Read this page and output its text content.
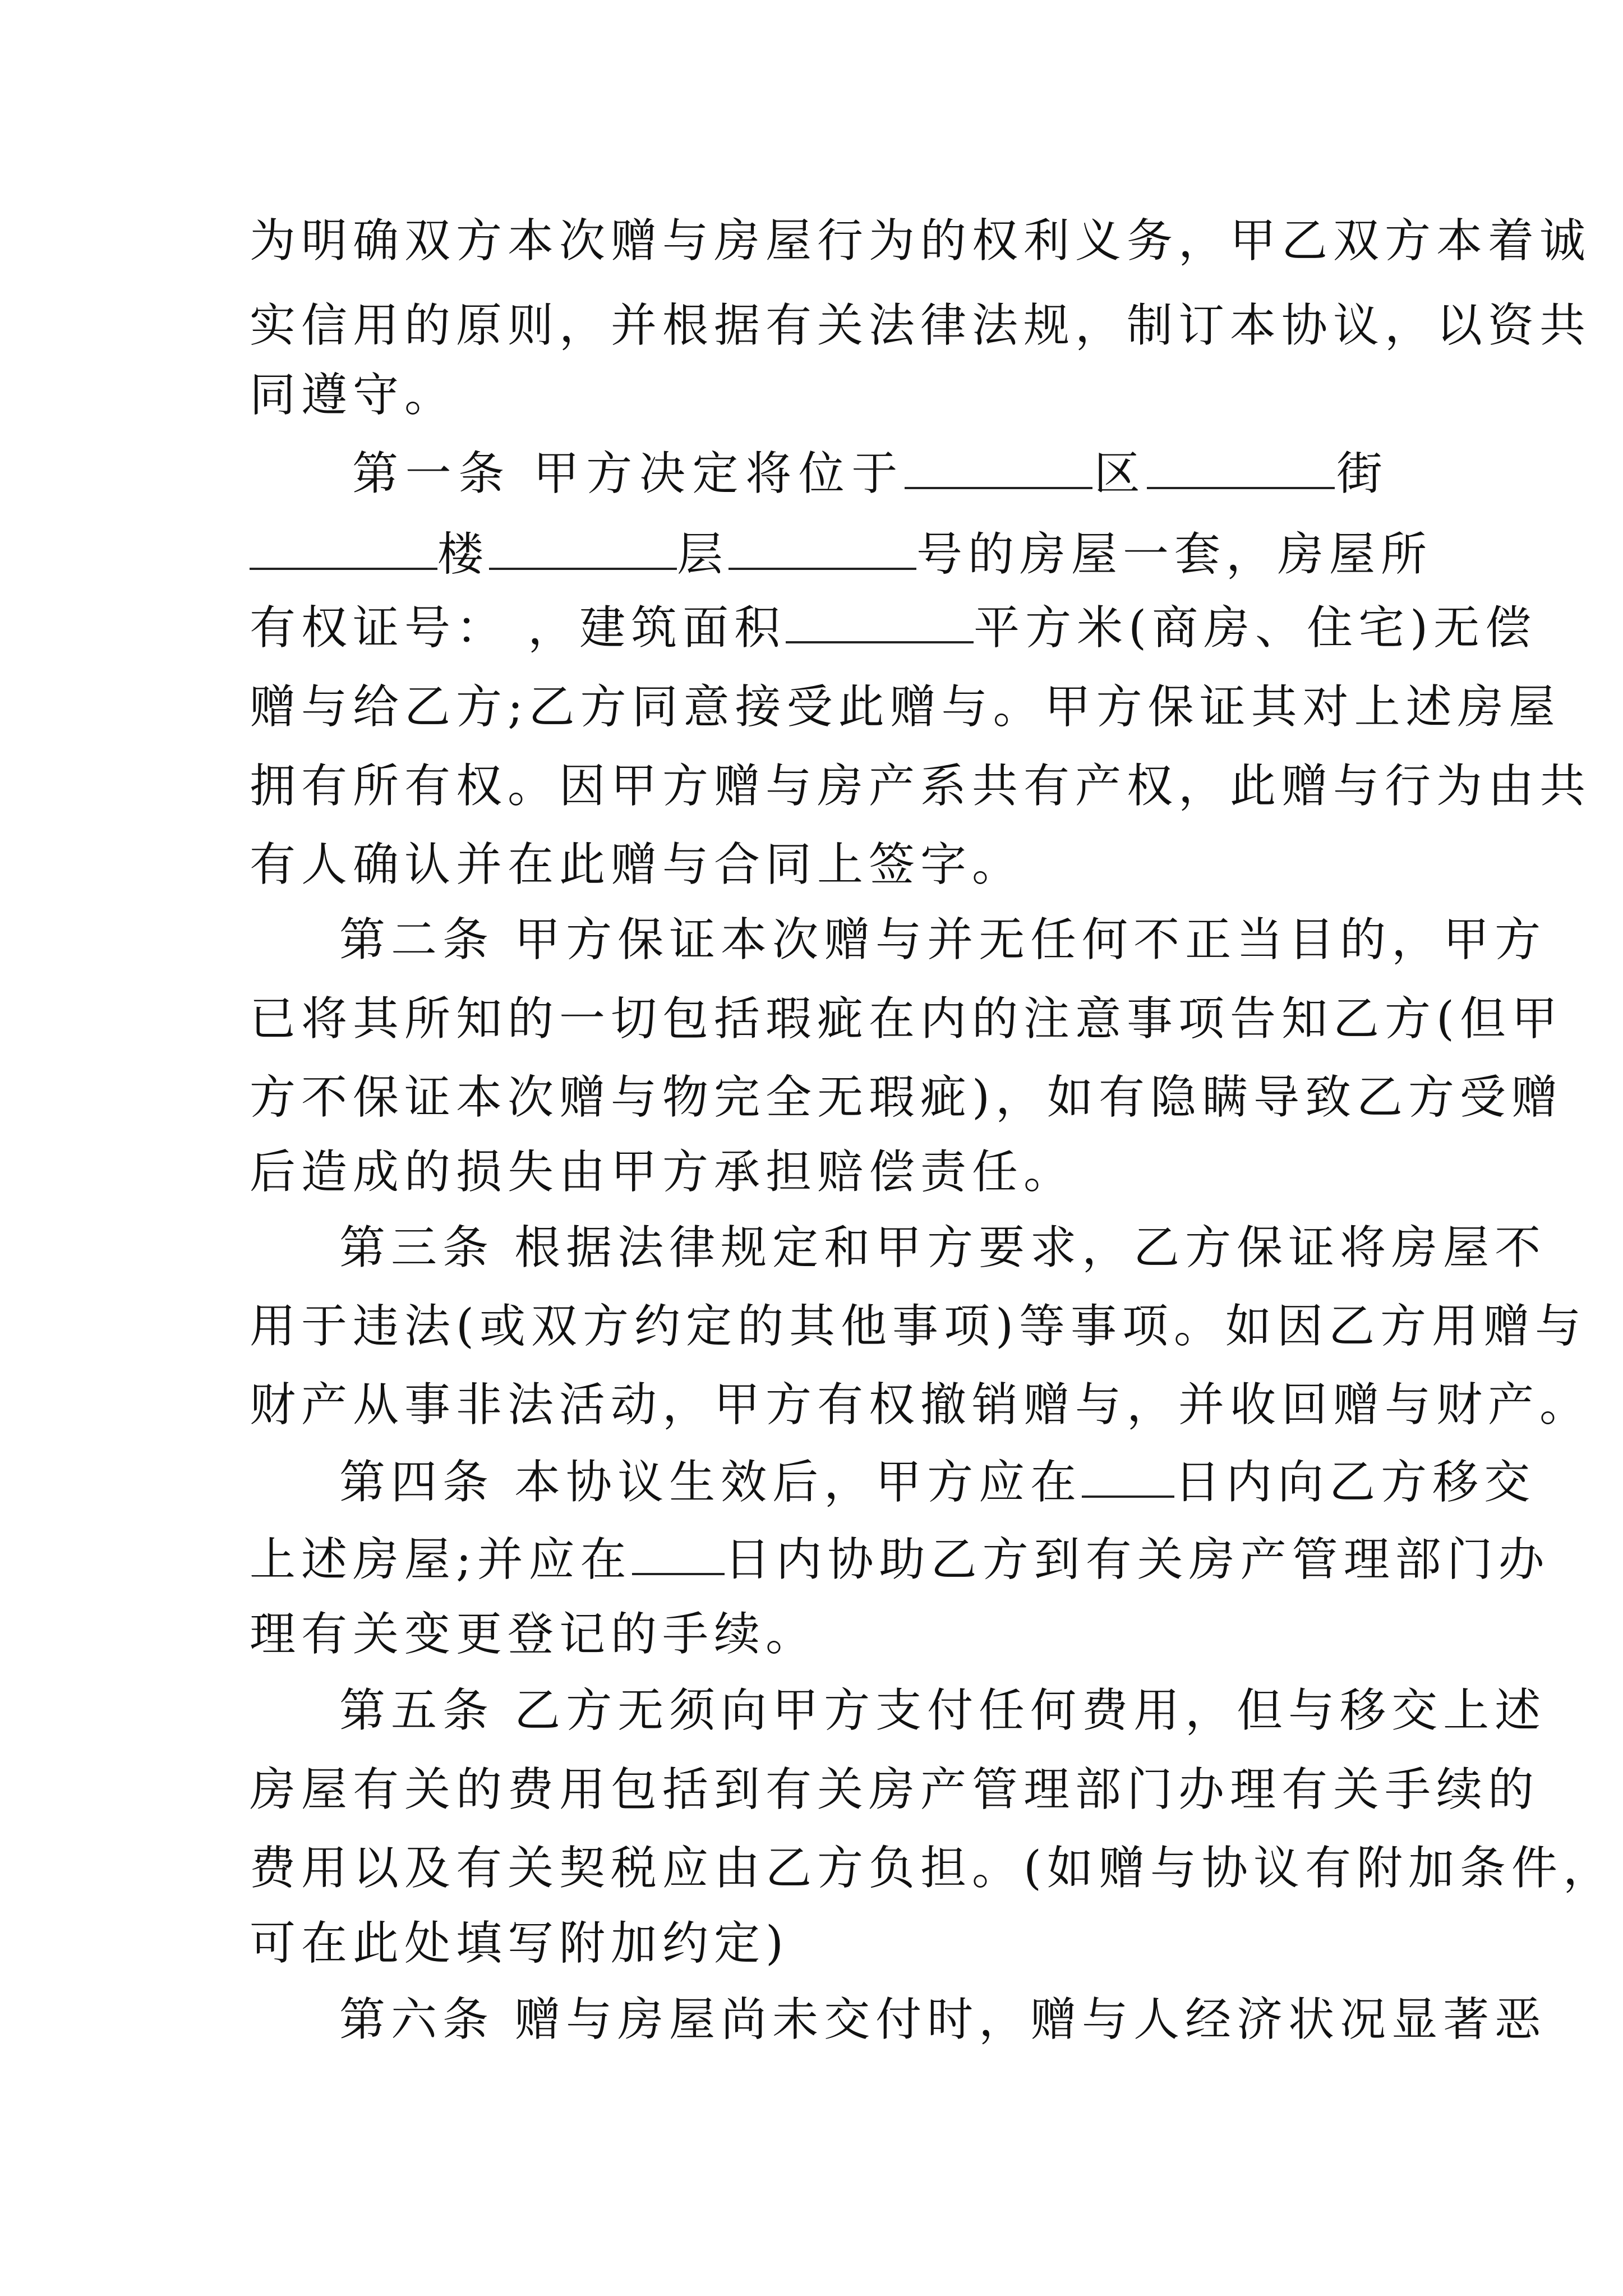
为明确双方本次赠与房屋行为的权利义务，甲乙双方本着诚
实信用的原则，并根据有关法律法规，制订本协议，以资共
同遵守。
第一条 甲方决定将位于	区	街
楼	层	号的房屋一套，房屋所
有权证号： ，建筑面积	平方米(商房、住宅)无偿
赠与给乙方;乙方同意接受此赠与。甲方保证其对上述房屋
拥有所有权。因甲方赠与房产系共有产权，此赠与行为由共
有人确认并在此赠与合同上签字。
第二条 甲方保证本次赠与并无任何不正当目的，甲方
已将其所知的一切包括瑕疵在内的注意事项告知乙方(但甲
方不保证本次赠与物完全无瑕疵)，如有隐瞒导致乙方受赠
后造成的损失由甲方承担赔偿责任。
第三条 根据法律规定和甲方要求，乙方保证将房屋不
用于违法(或双方约定的其他事项)等事项。如因乙方用赠与
财产从事非法活动，甲方有权撤销赠与，并收回赠与财产。
第四条 本协议生效后，甲方应在 日内向乙方移交
上述房屋;并应在 日内协助乙方到有关房产管理部门办
理有关变更登记的手续。
第五条 乙方无须向甲方支付任何费用，但与移交上述
房屋有关的费用包括到有关房产管理部门办理有关手续的
费用以及有关契税应由乙方负担。(如赠与协议有附加条件，
可在此处填写附加约定)
第六条 赠与房屋尚未交付时，赠与人经济状况显著恶
